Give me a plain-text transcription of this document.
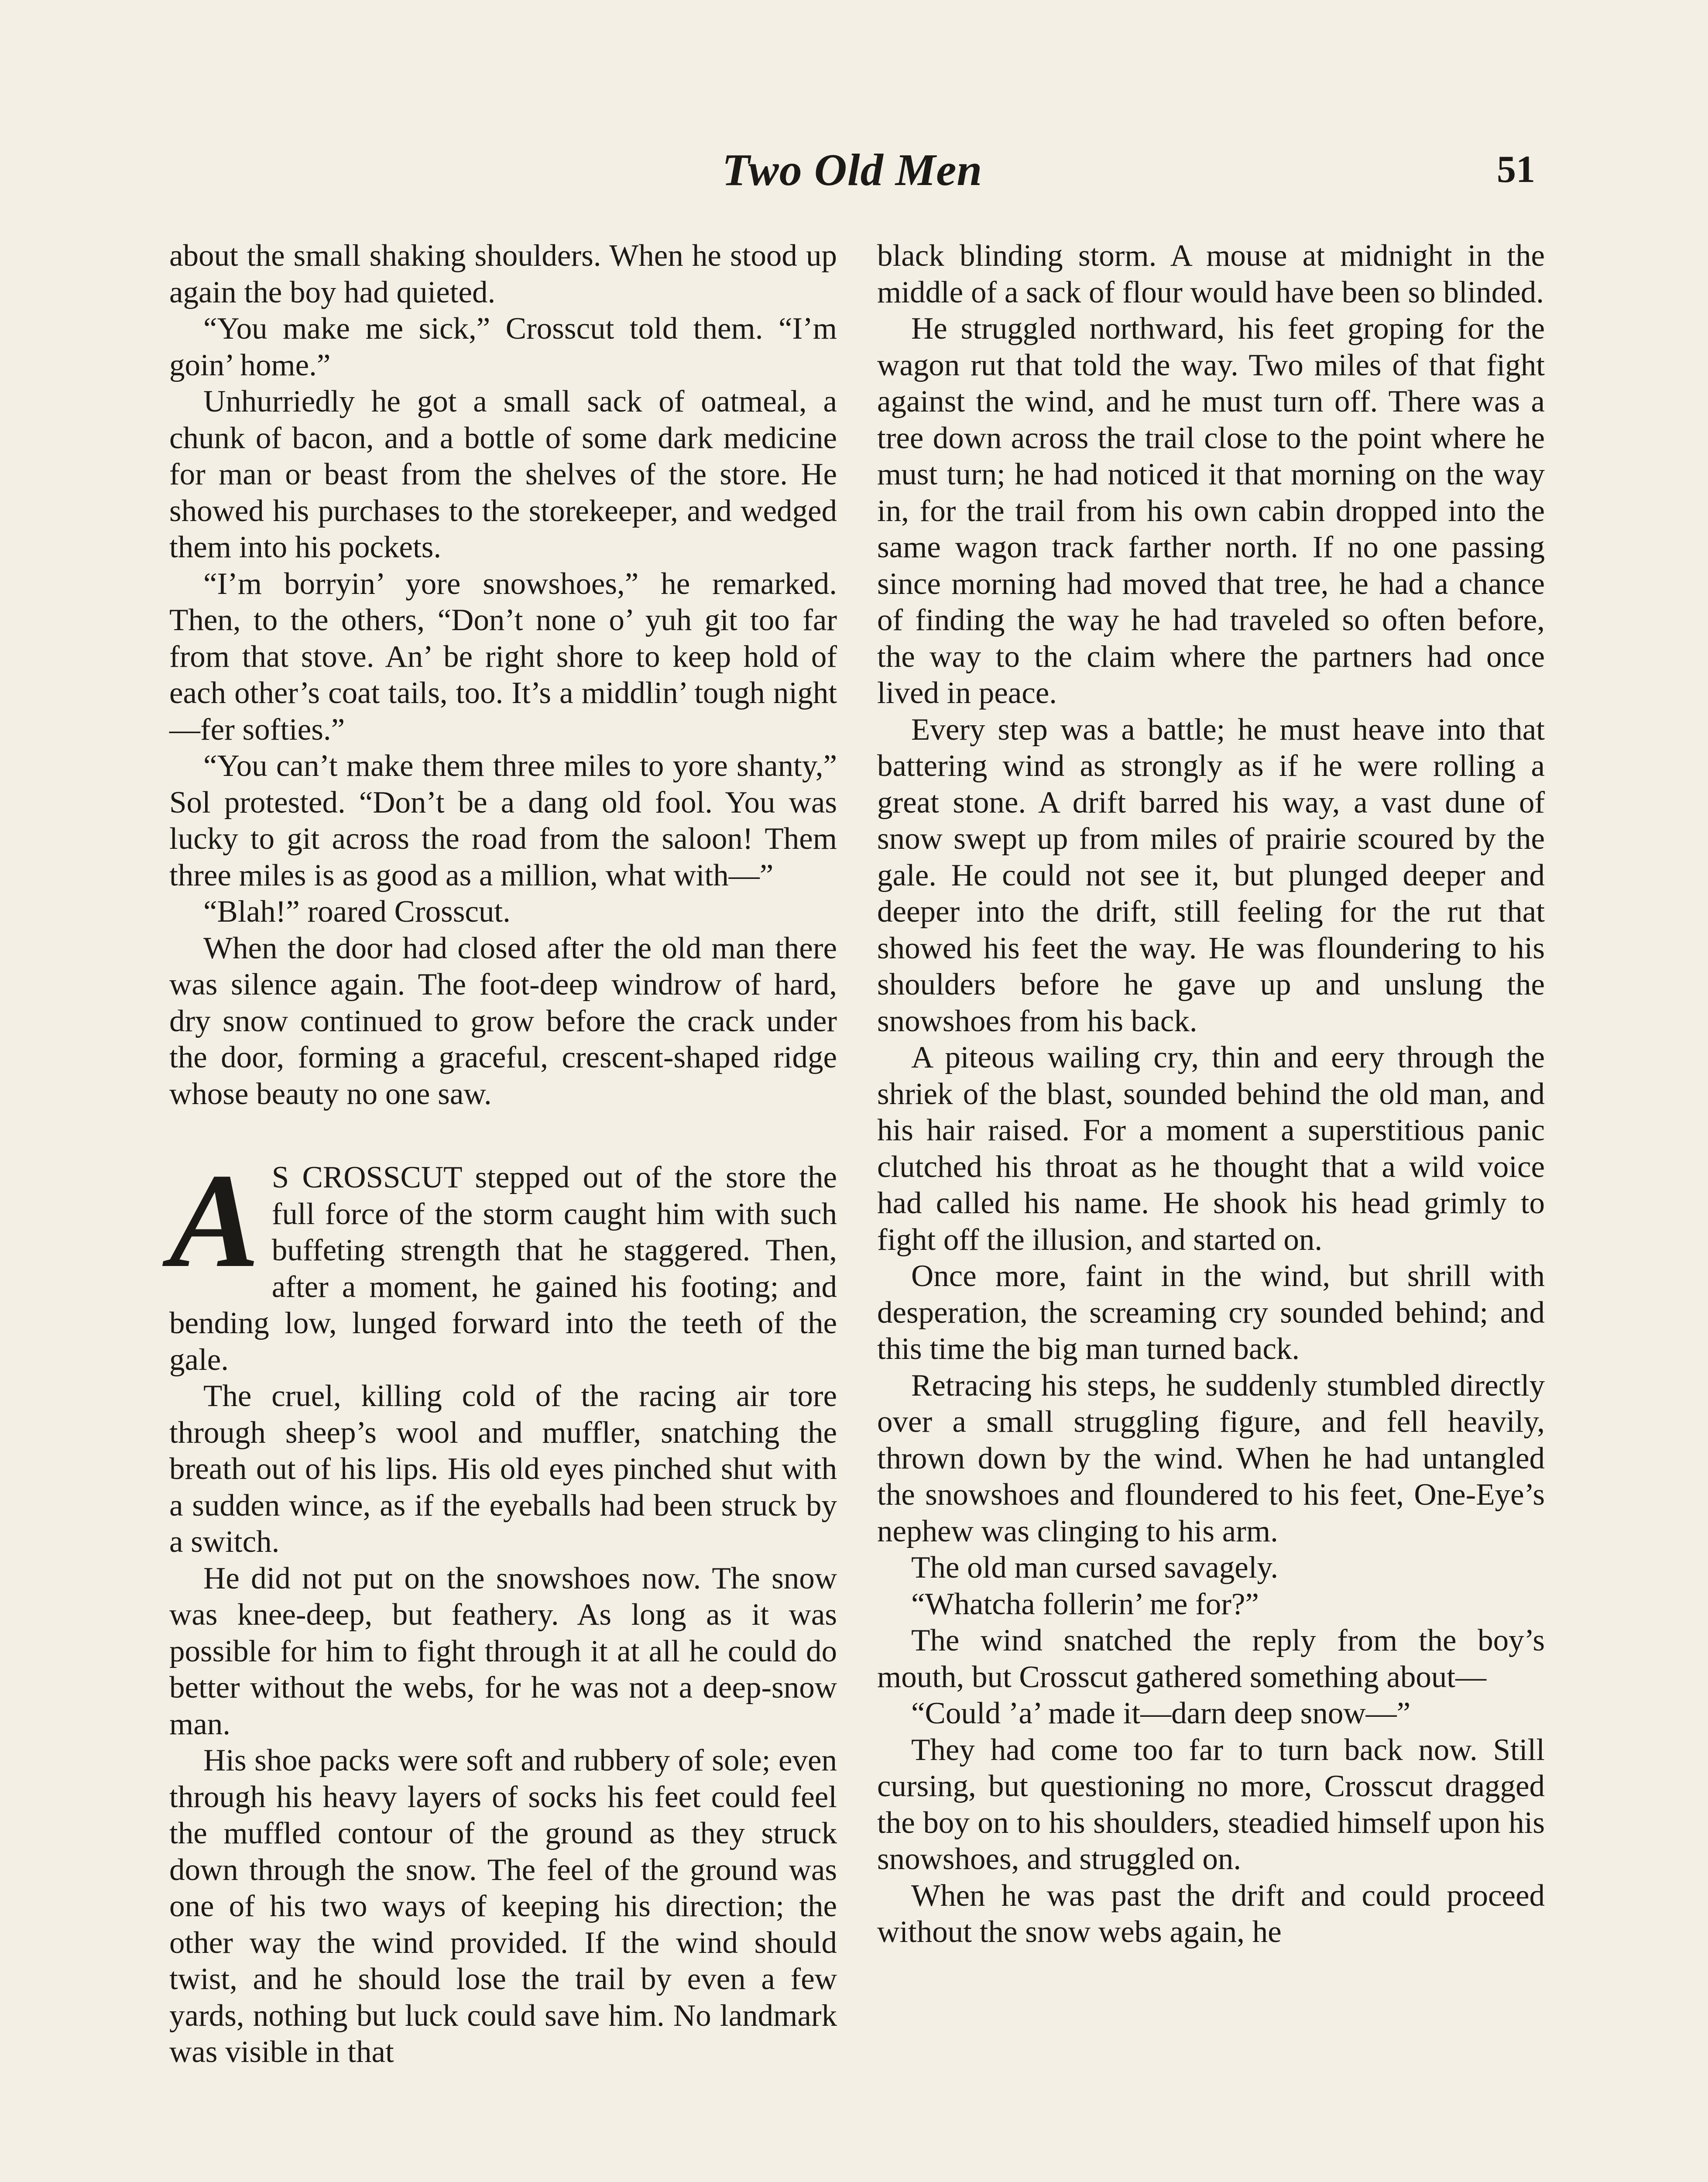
Two Old Men	51

about the small shaking shoulders. When he stood up again the boy had quieted.

“You make me sick,” Crosscut told them. “I’m goin’ home.”

Unhurriedly he got a small sack of oatmeal, a chunk of bacon, and a bottle of some dark medicine for man or beast from the shelves of the store. He showed his purchases to the storekeeper, and wedged them into his pockets.

“I’m borryin’ yore snowshoes,” he remarked. Then, to the others, “Don’t none o’ yuh git too far from that stove. An’ be right shore to keep hold of each other’s coat tails, too. It’s a middlin’ tough night —fer softies.”

“You can’t make them three miles to yore shanty,” Sol protested. “Don’t be a dang old fool. You was lucky to git across the road from the saloon! Them three miles is as good as a million, what with—”

“Blah!” roared Crosscut.

When the door had closed after the old man there was silence again. The foot-deep windrow of hard, dry snow continued to grow before the crack under the door, forming a graceful, crescent-shaped ridge whose beauty no one saw.

A S CROSSCUT stepped out of the store the full force of the storm caught him with such buffeting strength that he staggered. Then, after a moment, he gained his footing; and bending low, lunged forward into the teeth of the gale.

The cruel, killing cold of the racing air tore through sheep’s wool and muffler, snatching the breath out of his lips. His old eyes pinched shut with a sudden wince, as if the eyeballs had been struck by a switch.

He did not put on the snowshoes now. The snow was knee-deep, but feathery. As long as it was possible for him to fight through it at all he could do better without the webs, for he was not a deep-snow man.

His shoe packs were soft and rubbery of sole; even through his heavy layers of socks his feet could feel the muffled contour of the ground as they struck down through the snow. The feel of the ground was one of his two ways of keeping his direction; the other way the wind provided. If the wind should twist, and he should lose the trail by even a few yards, nothing but luck could save him. No landmark was visible in that

black blinding storm. A mouse at midnight in the middle of a sack of flour would have been so blinded.

He struggled northward, his feet groping for the wagon rut that told the way. Two miles of that fight against the wind, and he must turn off. There was a tree down across the trail close to the point where he must turn; he had noticed it that morning on the way in, for the trail from his own cabin dropped into the same wagon track farther north. If no one passing since morning had moved that tree, he had a chance of finding the way he had traveled so often before, the way to the claim where the partners had once lived in peace.

Every step was a battle; he must heave into that battering wind as strongly as if he were rolling a great stone. A drift barred his way, a vast dune of snow swept up from miles of prairie scoured by the gale. He could not see it, but plunged deeper and deeper into the drift, still feeling for the rut that showed his feet the way. He was floundering to his shoulders before he gave up and unslung the snowshoes from his back.

A piteous wailing cry, thin and eery through the shriek of the blast, sounded behind the old man, and his hair raised. For a moment a superstitious panic clutched his throat as he thought that a wild voice had called his name. He shook his head grimly to fight off the illusion, and started on.

Once more, faint in the wind, but shrill with desperation, the screaming cry sounded behind; and this time the big man turned back.

Retracing his steps, he suddenly stumbled directly over a small struggling figure, and fell heavily, thrown down by the wind. When he had untangled the snowshoes and floundered to his feet, One-Eye’s nephew was clinging to his arm.

The old man cursed savagely.

“Whatcha follerin’ me for?”

The wind snatched the reply from the boy’s mouth, but Crosscut gathered something about—

“Could ’a’ made it—darn deep snow—”

They had come too far to turn back now. Still cursing, but questioning no more, Crosscut dragged the boy on to his shoulders, steadied himself upon his snowshoes, and struggled on.

When he was past the drift and could proceed without the snow webs again, he
